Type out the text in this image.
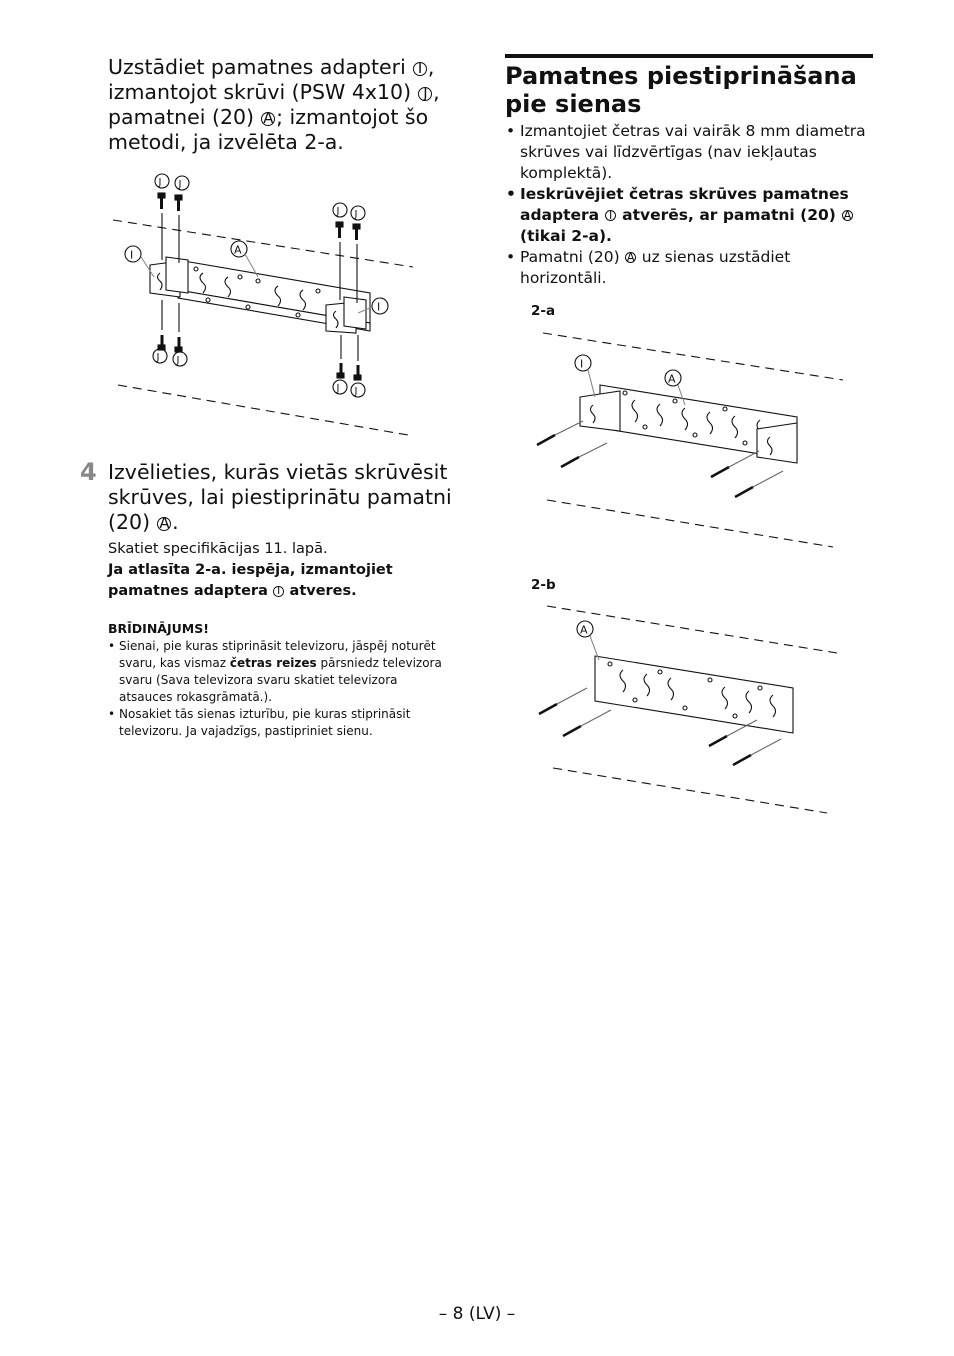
Uzstādiet pamatnes adapteri I , izmantojot skrūvi (PSW 4x10) J , pamatnei (20) A ; izmantojot šo metodi, ja izvēlēta 2-a.

J J
J J
J J
J J
I	A
I
4 Izvēlieties, kurās vietās skrūvēsit skrūves, lai piestiprinātu pamatni (20) A .

Skatiet specifikācijas 11. lapā.

Ja atlasīta 2-a. iespēja, izmantojiet pamatnes adaptera I atveres.

BRĪDINĀJUMS!

• Sienai, pie kuras stiprināsit televizoru, jāspēj noturēt svaru, kas vismaz četras reizes pārsniedz televizora svaru (Sava televizora svaru skatiet televizora atsauces rokasgrāmatā.).
• Nosakiet tās sienas izturību, pie kuras stiprināsit televizoru. Ja vajadzīgs, pastipriniet sienu.
Pamatnes piestiprināšana pie sienas
• Izmantojiet četras vai vairāk 8 mm diametra skrūves vai līdzvērtīgas (nav iekļautas komplektā).
• Ieskrūvējiet četras skrūves pamatnes adaptera I atverēs, ar pamatni (20) A (tikai 2-a).
• Pamatni (20) A uz sienas uzstādiet horizontāli.
2-a
I
A
2-b
A
– 8 (LV) –
